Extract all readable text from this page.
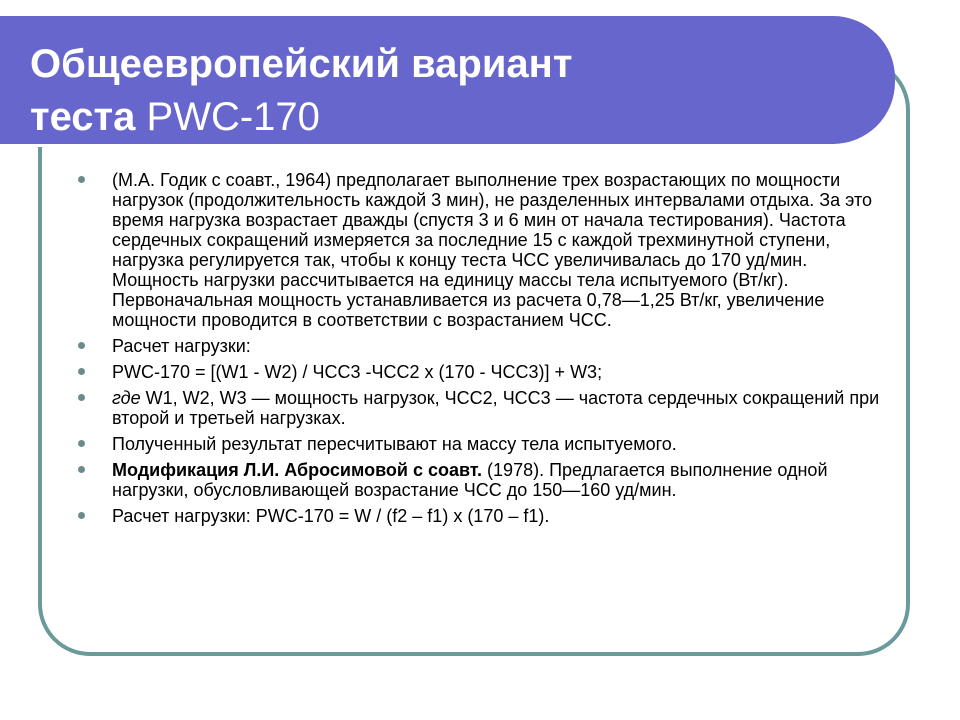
Общеевропейский вариант
теста PWC-170
(М.А. Годик с соавт., 1964) предполагает выполнение трех возрастающих по мощности нагрузок (продолжительность каждой 3 мин), не разделенных интервалами отдыха. За это время нагрузка возрастает дважды (спустя 3 и 6 мин от начала тестирования). Частота сердечных сокращений измеряется за последние 15 с каждой трехминутной ступени, нагрузка регулируется так, чтобы к концу теста ЧСС увеличивалась до 170 уд/мин. Мощность нагрузки рассчитывается на единицу массы тела испытуемого (Вт/кг). Первоначальная мощность устанавливается из расчета 0,78—1,25 Вт/кг, увеличение мощности проводится в соответствии с возрастанием ЧСС.
Расчет нагрузки:
PWC-170 = [(W1 - W2) / ЧСС3 -ЧСС2 х (170 - ЧСС3)] + W3;
где W1, W2, W3 — мощность нагрузок, ЧСС2, ЧСС3 — частота сердечных сокращений при второй и третьей нагрузках.
Полученный результат пересчитывают на массу тела испытуемого.
Модификация Л.И. Абросимовой с соавт. (1978). Предлагается выполнение одной нагрузки, обусловливающей возрастание ЧСС до 150—160 уд/мин.
Расчет нагрузки: PWC-170 = W / (f2 – f1) х (170 – f1).
